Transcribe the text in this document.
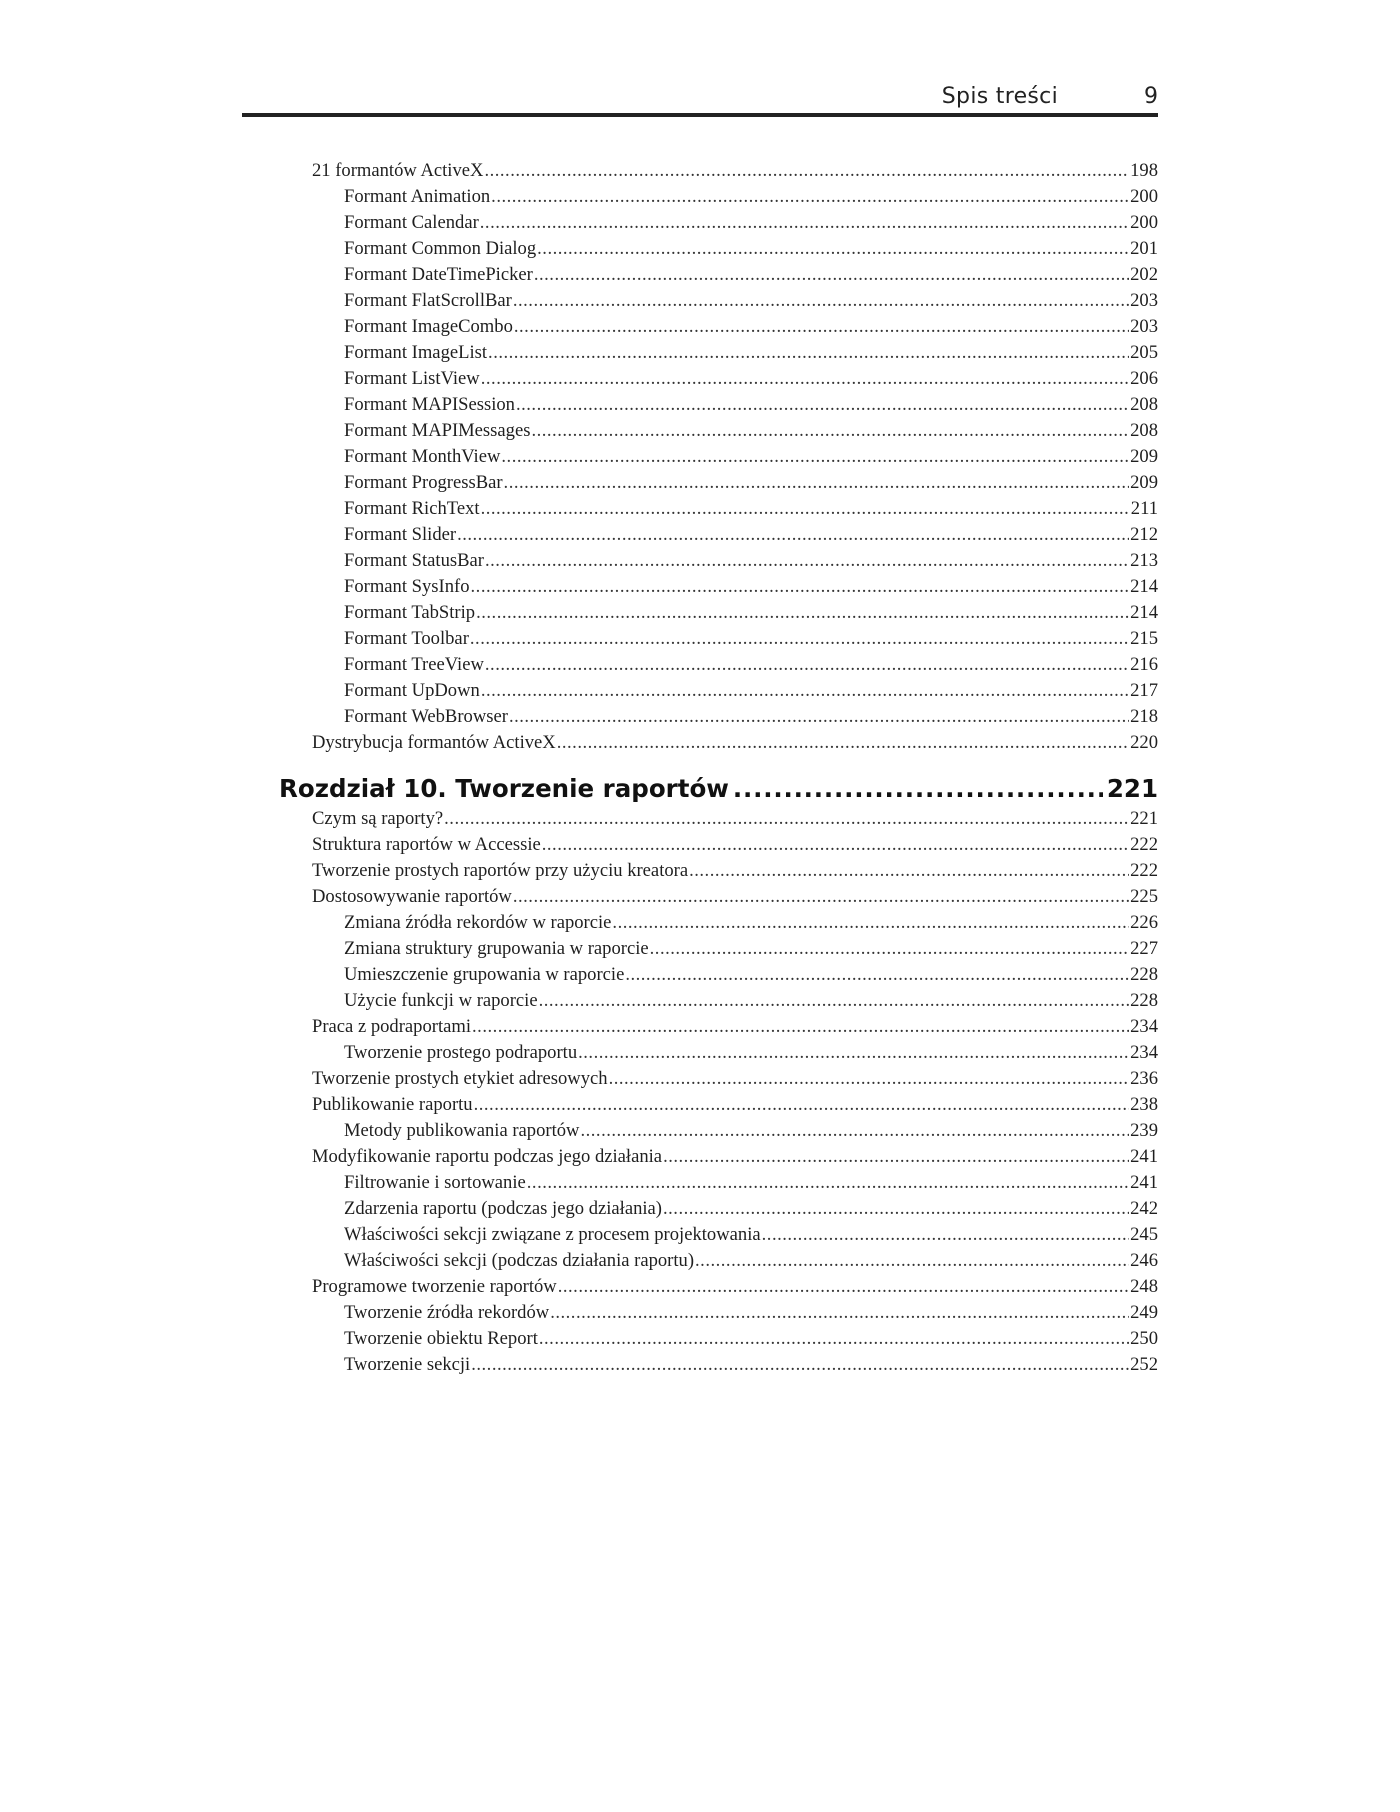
Spis treści	9
21 formantów ActiveX .....	198
Formant Animation .....	200
Formant Calendar .....	200
Formant Common Dialog .....	201
Formant DateTimePicker .....	202
Formant FlatScrollBar .....	203
Formant ImageCombo .....	203
Formant ImageList .....	205
Formant ListView .....	206
Formant MAPISession .....	208
Formant MAPIMessages .....	208
Formant MonthView .....	209
Formant ProgressBar .....	209
Formant RichText .....	211
Formant Slider .....	212
Formant StatusBar .....	213
Formant SysInfo .....	214
Formant TabStrip .....	214
Formant Toolbar .....	215
Formant TreeView .....	216
Formant UpDown .....	217
Formant WebBrowser .....	218
Dystrybucja formantów ActiveX .....	220
Rozdział 10. Tworzenie raportów .....	221
Czym są raporty? .....	221
Struktura raportów w Accessie .....	222
Tworzenie prostych raportów przy użyciu kreatora .....	222
Dostosowywanie raportów .....	225
Zmiana źródła rekordów w raporcie .....	226
Zmiana struktury grupowania w raporcie .....	227
Umieszczenie grupowania w raporcie .....	228
Użycie funkcji w raporcie .....	228
Praca z podraportami .....	234
Tworzenie prostego podraportu .....	234
Tworzenie prostych etykiet adresowych .....	236
Publikowanie raportu .....	238
Metody publikowania raportów .....	239
Modyfikowanie raportu podczas jego działania .....	241
Filtrowanie i sortowanie .....	241
Zdarzenia raportu (podczas jego działania) .....	242
Właściwości sekcji związane z procesem projektowania .....	245
Właściwości sekcji (podczas działania raportu) .....	246
Programowe tworzenie raportów .....	248
Tworzenie źródła rekordów .....	249
Tworzenie obiektu Report .....	250
Tworzenie sekcji .....	252
